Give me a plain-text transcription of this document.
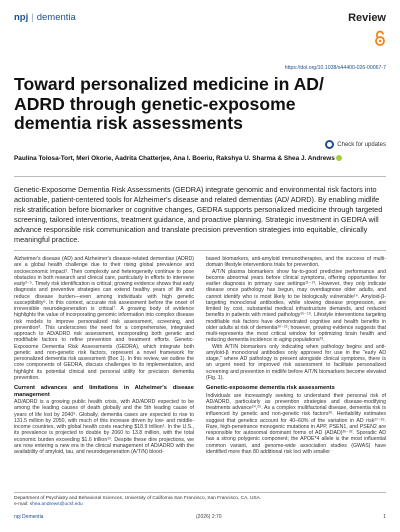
npj | dementia	Review
https://doi.org/10.1038/s44400-026-00067-7
Toward personalized medicine in AD/ ADRD through genetic-exposome dementia risk assessments
Check for updates
Paulina Tolosa-Tort, Meri Okorie, Aadrita Chatterjee, Ana I. Boeriu, Rakshya U. Sharma & Shea J. Andrews
Genetic-Exposome Dementia Risk Assessments (GEDRA) integrate genomic and environmental risk factors into actionable, patient-centered tools for Alzheimer's disease and related dementias (AD/ ADRD). By enabling midlife risk stratification before biomarker or cognitive changes, GEDRA supports personalized medicine through targeted screening, tailored interventions, treatment guidance, and proactive planning. Strategic investment in GEDRA will advance responsible risk communication and translate precision prevention strategies into equitable, clinically meaningful practice.

Alzheimer's disease (AD) and Alzheimer's disease-related dementias (ADRD) are a global health challenge due to their rising global prevalence and socioeconomic impact¹. Their complexity and heterogeneity continue to pose obstacles in both research and clinical care, particularly in efforts to intervene early²⁻⁵. Timely risk identification is critical; growing evidence shows that early diagnosis and preventive strategies can extend healthy years of life and reduce disease burden—even among individuals with high genetic susceptibility⁶. In this context, accurate risk assessment before the onset of irreversible neurodegeneration is critical⁷. A growing body of evidence highlights the value of incorporating genomic information into complex disease risk models to improve personalized risk assessment, screening, and prevention⁸. This underscores the need for a comprehensive, integrated approach to AD/ADRD risk assessment, incorporating both genetic and modifiable factors to refine prevention and treatment efforts. Genetic-Exposome Dementia Risk Assessments (GEDRA), which integrate both genetic and non-genetic risk factors, represent a novel framework for personalized dementia risk assessment (Box 1). In this review, we outline the core components of GEDRA, discuss challenges to its implementation, and highlight its potential clinical and personal utility for precision dementia prevention.

Current advances and limitations in Alzheimer's disease management

AD/ADRD is a growing public health crisis, with AD/ADRD expected to be among the leading causes of death globally and the 5th leading cause of years of life lost by 2040⁹. Globally, dementia cases are expected to rise to 131.5 million by 2050, with much of this increase driven by low- and middle-income countries, with global health costs reaching $18.9 trillion¹. In the U.S., its prevalence is projected to double by 2060 to 13.8 million, with the total economic burden exceeding $1.6 trillion¹⁰. Despite these dire projections, we are now entering a new era in the clinical management of AD/ADRD with the availability of amyloid, tau, and neurodegeneration (A/T/N) blood-

based biomarkers, anti-amyloid immunotherapies, and the success of multi-domain lifestyle interventions trials for prevention.

A/T/N plasma biomarkers show far-to-good predictive performance and become abnormal years before clinical symptoms, offering opportunities for earlier diagnosis in primary care settings¹¹⁻¹³. However, they only indicate disease once pathology has begun, may overdiagnose older adults, and cannot identify who is most likely to be biologically vulnerable¹⁴. Amyloid-β-targeting monoclonal antibodies, while slowing disease progression, are limited by cost, substantial medical infrastructure demands, and reduced benefits in patients with mixed pathology¹⁵⁻¹⁹. Lifestyle interventions targeting modifiable risk factors have demonstrated cognitive and health benefits in older adults at risk of dementia²⁰⁻²²; however, growing evidence suggests that multi-represents the most critical window for optimizing brain health and reducing dementia incidence in aging populations²³.

With A/T/N biomarkers only indicating when pathology begins and anti-amyloid-β monoclonal antibodies only approved for use in the "early AD stage," where AD pathology is present alongside clinical symptoms, there is an urgent need for improved risk assessment to facilitate personalized screening and prevention in midlife before A/T/N biomarkers become elevated (Fig. 1).

Genetic-exposome dementia risk assessments

Individuals are increasingly seeking to understand their personal risk of AD/ADRD, particularly as prevention strategies and disease-modifying treatments advance²⁴,²⁵. As a complex multifactorial disease, dementia risk is influenced by genetic and non-genetic risk factors²⁶. Heritability estimates suggest that genetics account for 40–60% of the variation in AD risk²⁷⁻²⁹. Rare, high-penetrance monogenic mutations in APP, PSEN1, and PSEN2 are responsible for autosomal dominant forms of AD (ADAD)³⁰⁻³². Sporadic AD has a strong polygenic component; the APOE*4 allele is the most influential common variant, and genome-wide association studies (GWAS) have identified more than 80 additional risk loci with smaller

Department of Psychiatry and Behavioral Sciences, University of California San Francisco, San Francisco, CA, USA.
e-mail: shea.andrews@ucsf.edu
npj Dementia	(2026) 2:70	1
